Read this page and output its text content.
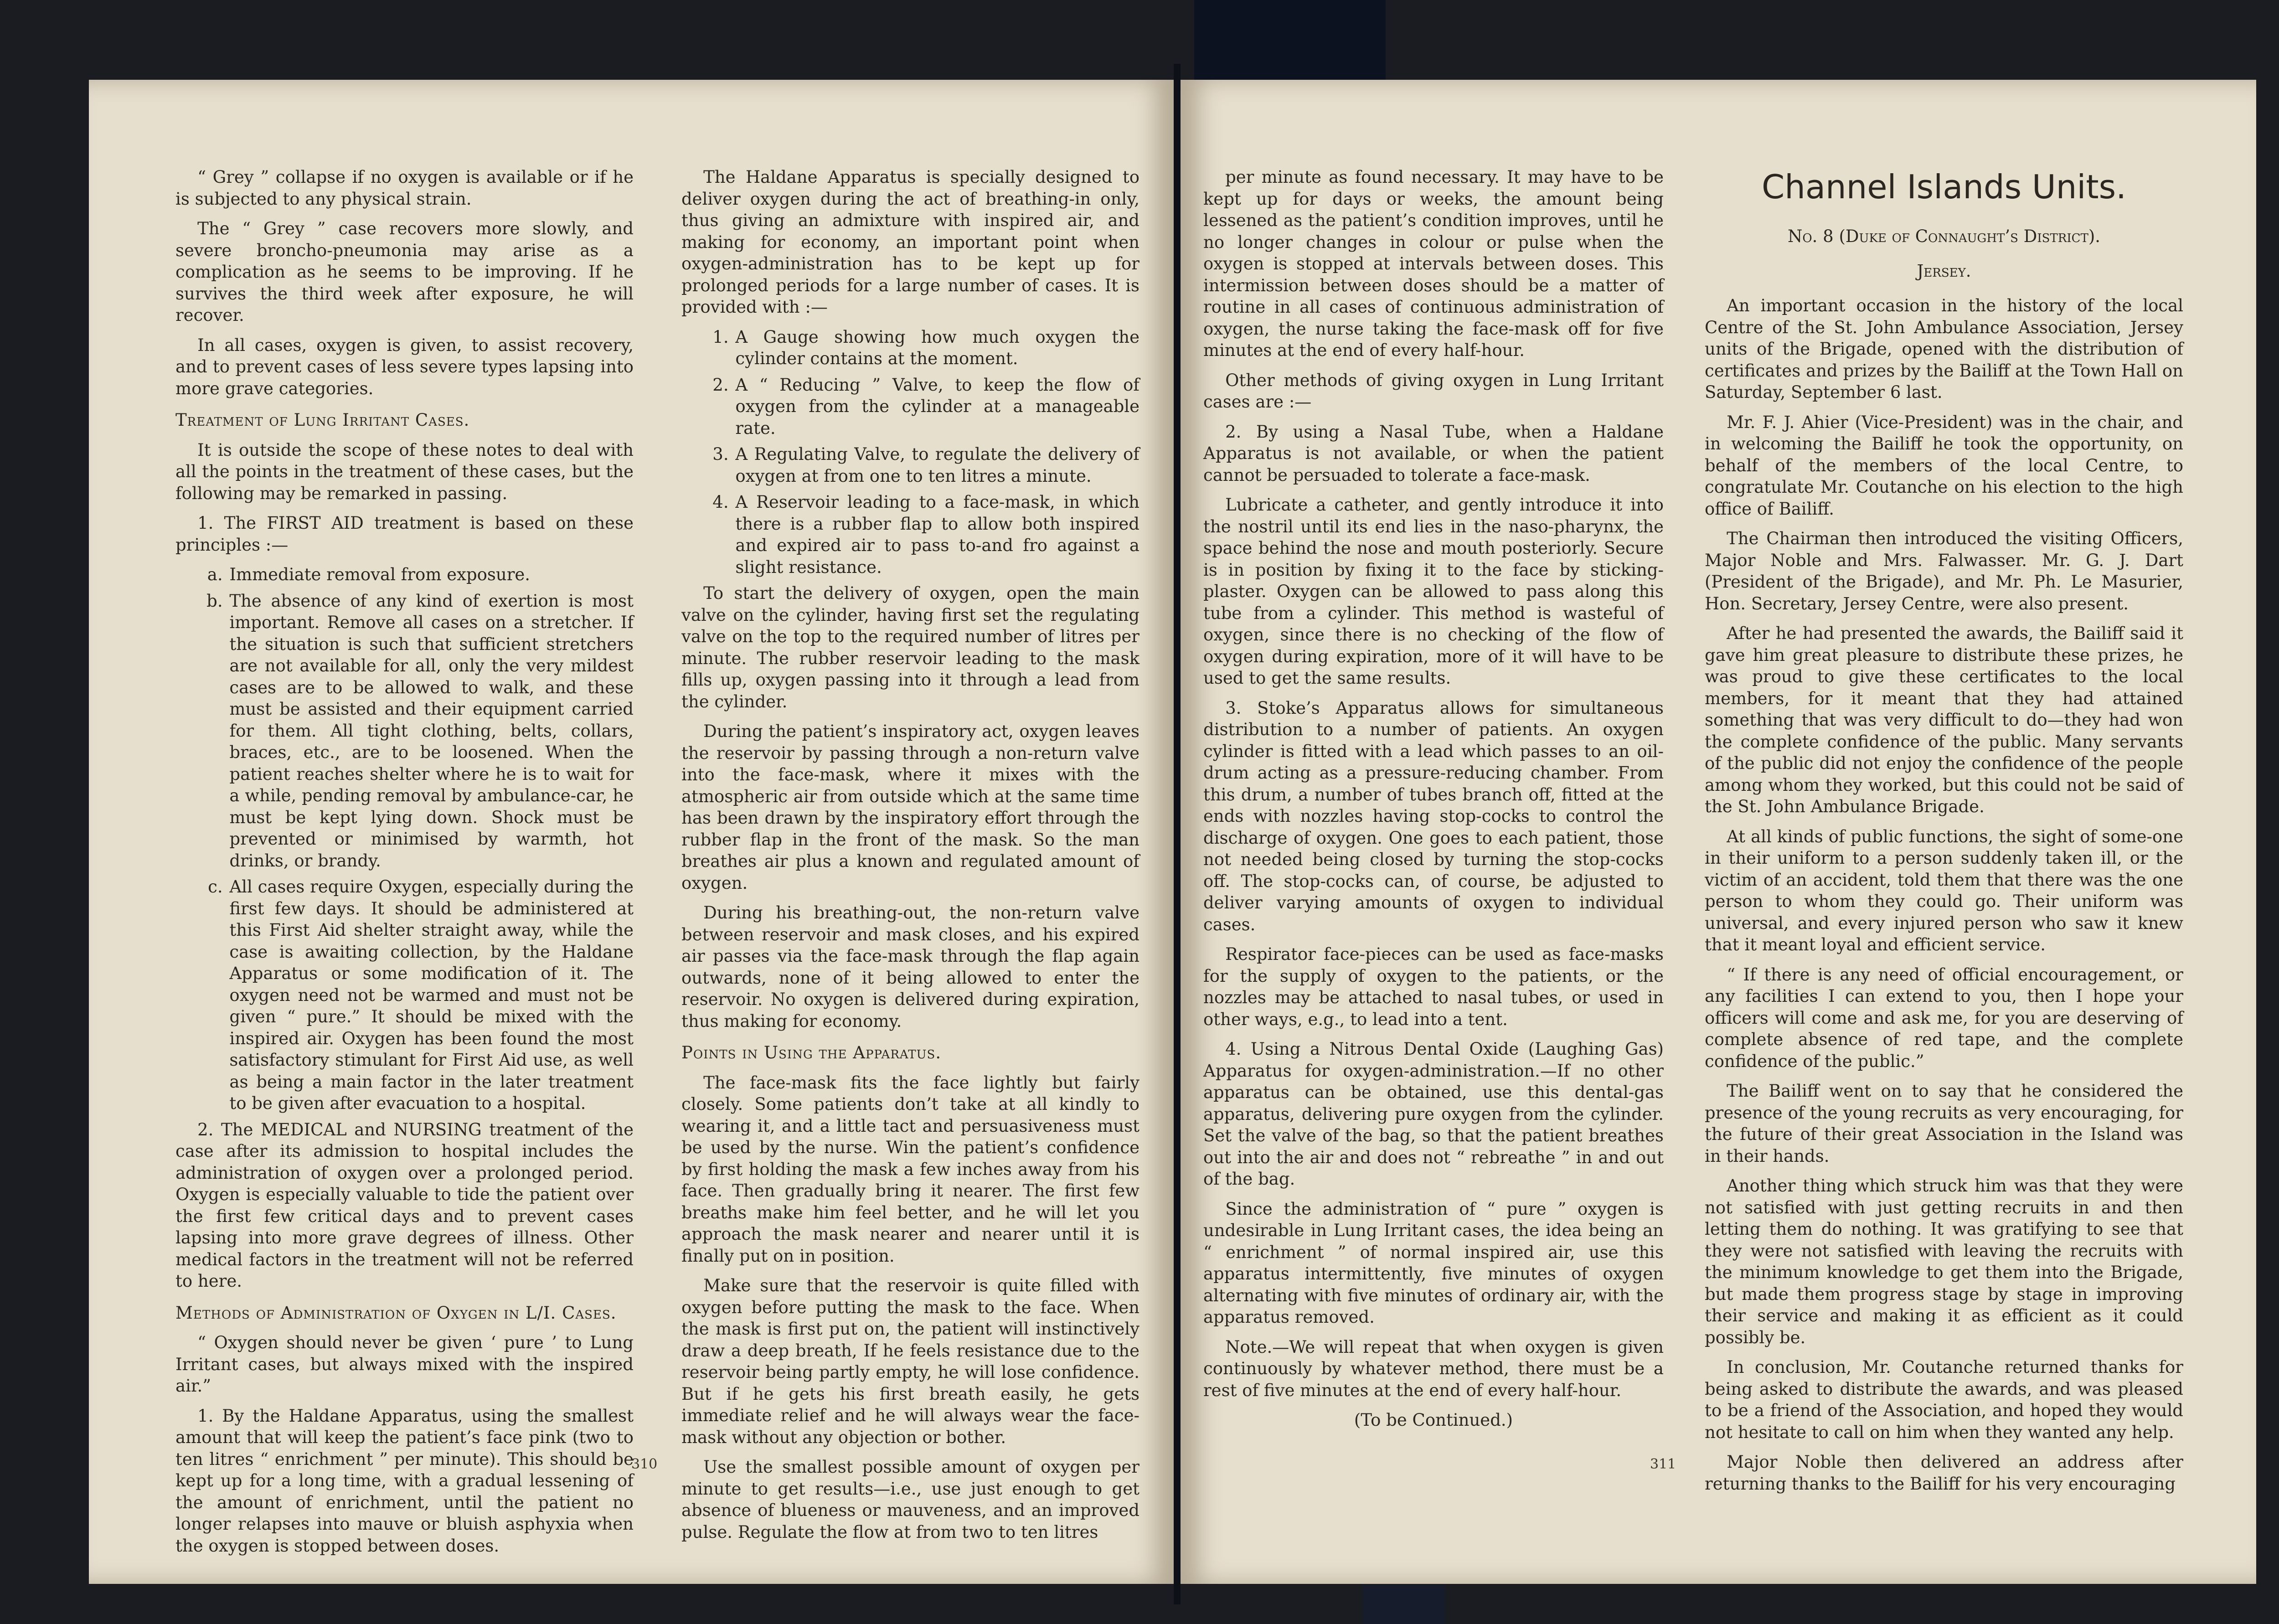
“ Grey ” collapse if no oxygen is available or if he is subjected to any physical strain.

The “ Grey ” case recovers more slowly, and severe broncho-pneumonia may arise as a complication as he seems to be improving. If he survives the third week after exposure, he will recover.

In all cases, oxygen is given, to assist recovery, and to prevent cases of less severe types lapsing into more grave categories.

Treatment of Lung Irritant Cases.

It is outside the scope of these notes to deal with all the points in the treatment of these cases, but the following may be remarked in passing.

1. The FIRST AID treatment is based on these principles :—

a. Immediate removal from exposure.

b. The absence of any kind of exertion is most important. Remove all cases on a stretcher. If the situation is such that sufficient stretchers are not available for all, only the very mildest cases are to be allowed to walk, and these must be assisted and their equipment carried for them. All tight clothing, belts, collars, braces, etc., are to be loosened. When the patient reaches shelter where he is to wait for a while, pending removal by ambulance-car, he must be kept lying down. Shock must be prevented or minimised by warmth, hot drinks, or brandy.

c. All cases require Oxygen, especially during the first few days. It should be administered at this First Aid shelter straight away, while the case is awaiting collection, by the Haldane Apparatus or some modification of it. The oxygen need not be warmed and must not be given “ pure.” It should be mixed with the inspired air. Oxygen has been found the most satisfactory stimulant for First Aid use, as well as being a main factor in the later treatment to be given after evacuation to a hospital.

2. The MEDICAL and NURSING treatment of the case after its admission to hospital includes the administration of oxygen over a prolonged period. Oxygen is especially valuable to tide the patient over the first few critical days and to prevent cases lapsing into more grave degrees of illness. Other medical factors in the treatment will not be referred to here.

Methods of Administration of Oxygen in L/I. Cases.

“ Oxygen should never be given ‘ pure ’ to Lung Irritant cases, but always mixed with the inspired air.”

1. By the Haldane Apparatus, using the smallest amount that will keep the patient’s face pink (two to ten litres “ enrichment ” per minute). This should be kept up for a long time, with a gradual lessening of the amount of enrichment, until the patient no longer relapses into mauve or bluish asphyxia when the oxygen is stopped between doses.

The Haldane Apparatus is specially designed to deliver oxygen during the act of breathing-in only, thus giving an admixture with inspired air, and making for economy, an important point when oxygen-administration has to be kept up for prolonged periods for a large number of cases. It is provided with :—

1. A Gauge showing how much oxygen the cylinder contains at the moment.

2. A “ Reducing ” Valve, to keep the flow of oxygen from the cylinder at a manageable rate.

3. A Regulating Valve, to regulate the delivery of oxygen at from one to ten litres a minute.

4. A Reservoir leading to a face-mask, in which there is a rubber flap to allow both inspired and expired air to pass to-and fro against a slight resistance.

To start the delivery of oxygen, open the main valve on the cylinder, having first set the regulating valve on the top to the required number of litres per minute. The rubber reservoir leading to the mask fills up, oxygen passing into it through a lead from the cylinder.

During the patient’s inspiratory act, oxygen leaves the reservoir by passing through a non-return valve into the face-mask, where it mixes with the atmospheric air from outside which at the same time has been drawn by the inspiratory effort through the rubber flap in the front of the mask. So the man breathes air plus a known and regulated amount of oxygen.

During his breathing-out, the non-return valve between reservoir and mask closes, and his expired air passes via the face-mask through the flap again outwards, none of it being allowed to enter the reservoir. No oxygen is delivered during expiration, thus making for economy.

Points in Using the Apparatus.

The face-mask fits the face lightly but fairly closely. Some patients don’t take at all kindly to wearing it, and a little tact and persuasiveness must be used by the nurse. Win the patient’s confidence by first holding the mask a few inches away from his face. Then gradually bring it nearer. The first few breaths make him feel better, and he will let you approach the mask nearer and nearer until it is finally put on in position.

Make sure that the reservoir is quite filled with oxygen before putting the mask to the face. When the mask is first put on, the patient will instinctively draw a deep breath, If he feels resistance due to the reservoir being partly empty, he will lose confidence. But if he gets his first breath easily, he gets immediate relief and he will always wear the face-mask without any objection or bother.

Use the smallest possible amount of oxygen per minute to get results—i.e., use just enough to get absence of blueness or mauveness, and an improved pulse. Regulate the flow at from two to ten litres

310

per minute as found necessary. It may have to be kept up for days or weeks, the amount being lessened as the patient’s condition improves, until he no longer changes in colour or pulse when the oxygen is stopped at intervals between doses. This intermission between doses should be a matter of routine in all cases of continuous administration of oxygen, the nurse taking the face-mask off for five minutes at the end of every half-hour.

Other methods of giving oxygen in Lung Irritant cases are :—

2. By using a Nasal Tube, when a Haldane Apparatus is not available, or when the patient cannot be persuaded to tolerate a face-mask.

Lubricate a catheter, and gently introduce it into the nostril until its end lies in the naso-pharynx, the space behind the nose and mouth posteriorly. Secure is in position by fixing it to the face by sticking-plaster. Oxygen can be allowed to pass along this tube from a cylinder. This method is wasteful of oxygen, since there is no checking of the flow of oxygen during expiration, more of it will have to be used to get the same results.

3. Stoke’s Apparatus allows for simultaneous distribution to a number of patients. An oxygen cylinder is fitted with a lead which passes to an oil-drum acting as a pressure-reducing chamber. From this drum, a number of tubes branch off, fitted at the ends with nozzles having stop-cocks to control the discharge of oxygen. One goes to each patient, those not needed being closed by turning the stop-cocks off. The stop-cocks can, of course, be adjusted to deliver varying amounts of oxygen to individual cases.

Respirator face-pieces can be used as face-masks for the supply of oxygen to the patients, or the nozzles may be attached to nasal tubes, or used in other ways, e.g., to lead into a tent.

4. Using a Nitrous Dental Oxide (Laughing Gas) Apparatus for oxygen-administration.—If no other apparatus can be obtained, use this dental-gas apparatus, delivering pure oxygen from the cylinder. Set the valve of the bag, so that the patient breathes out into the air and does not “ rebreathe ” in and out of the bag.

Since the administration of “ pure ” oxygen is undesirable in Lung Irritant cases, the idea being an “ enrichment ” of normal inspired air, use this apparatus intermittently, five minutes of oxygen alternating with five minutes of ordinary air, with the apparatus removed.

Note.—We will repeat that when oxygen is given continuously by whatever method, there must be a rest of five minutes at the end of every half-hour.

(To be Continued.)

Channel Islands Units.

No. 8 (Duke of Connaught’s District).

Jersey.

An important occasion in the history of the local Centre of the St. John Ambulance Association, Jersey units of the Brigade, opened with the distribution of certificates and prizes by the Bailiff at the Town Hall on Saturday, September 6 last.

Mr. F. J. Ahier (Vice-President) was in the chair, and in welcoming the Bailiff he took the opportunity, on behalf of the members of the local Centre, to congratulate Mr. Coutanche on his election to the high office of Bailiff.

The Chairman then introduced the visiting Officers, Major Noble and Mrs. Falwasser. Mr. G. J. Dart (President of the Brigade), and Mr. Ph. Le Masurier, Hon. Secretary, Jersey Centre, were also present.

After he had presented the awards, the Bailiff said it gave him great pleasure to distribute these prizes, he was proud to give these certificates to the local members, for it meant that they had attained something that was very difficult to do—they had won the complete confidence of the public. Many servants of the public did not enjoy the confidence of the people among whom they worked, but this could not be said of the St. John Ambulance Brigade.

At all kinds of public functions, the sight of some-one in their uniform to a person suddenly taken ill, or the victim of an accident, told them that there was the one person to whom they could go. Their uniform was universal, and every injured person who saw it knew that it meant loyal and efficient service.

“ If there is any need of official encouragement, or any facilities I can extend to you, then I hope your officers will come and ask me, for you are deserving of complete absence of red tape, and the complete confidence of the public.”

The Bailiff went on to say that he considered the presence of the young recruits as very encouraging, for the future of their great Association in the Island was in their hands.

Another thing which struck him was that they were not satisfied with just getting recruits in and then letting them do nothing. It was gratifying to see that they were not satisfied with leaving the recruits with the minimum knowledge to get them into the Brigade, but made them progress stage by stage in improving their service and making it as efficient as it could possibly be.

In conclusion, Mr. Coutanche returned thanks for being asked to distribute the awards, and was pleased to be a friend of the Association, and hoped they would not hesitate to call on him when they wanted any help.

Major Noble then delivered an address after returning thanks to the Bailiff for his very encouraging

311
